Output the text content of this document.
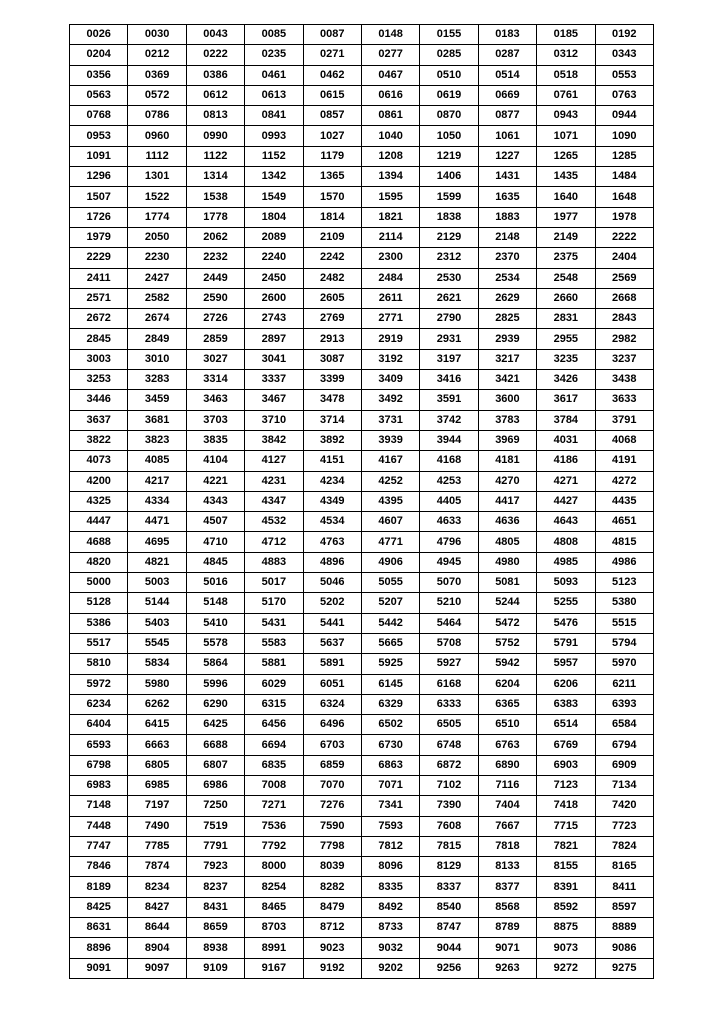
0026	0030	0043	0085	0087	0148	0155	0183	0185	0192
0204	0212	0222	0235	0271	0277	0285	0287	0312	0343
0356	0369	0386	0461	0462	0467	0510	0514	0518	0553
0563	0572	0612	0613	0615	0616	0619	0669	0761	0763
0768	0786	0813	0841	0857	0861	0870	0877	0943	0944
0953	0960	0990	0993	1027	1040	1050	1061	1071	1090
1091	1112	1122	1152	1179	1208	1219	1227	1265	1285
1296	1301	1314	1342	1365	1394	1406	1431	1435	1484
1507	1522	1538	1549	1570	1595	1599	1635	1640	1648
1726	1774	1778	1804	1814	1821	1838	1883	1977	1978
1979	2050	2062	2089	2109	2114	2129	2148	2149	2222
2229	2230	2232	2240	2242	2300	2312	2370	2375	2404
2411	2427	2449	2450	2482	2484	2530	2534	2548	2569
2571	2582	2590	2600	2605	2611	2621	2629	2660	2668
2672	2674	2726	2743	2769	2771	2790	2825	2831	2843
2845	2849	2859	2897	2913	2919	2931	2939	2955	2982
3003	3010	3027	3041	3087	3192	3197	3217	3235	3237
3253	3283	3314	3337	3399	3409	3416	3421	3426	3438
3446	3459	3463	3467	3478	3492	3591	3600	3617	3633
3637	3681	3703	3710	3714	3731	3742	3783	3784	3791
3822	3823	3835	3842	3892	3939	3944	3969	4031	4068
4073	4085	4104	4127	4151	4167	4168	4181	4186	4191
4200	4217	4221	4231	4234	4252	4253	4270	4271	4272
4325	4334	4343	4347	4349	4395	4405	4417	4427	4435
4447	4471	4507	4532	4534	4607	4633	4636	4643	4651
4688	4695	4710	4712	4763	4771	4796	4805	4808	4815
4820	4821	4845	4883	4896	4906	4945	4980	4985	4986
5000	5003	5016	5017	5046	5055	5070	5081	5093	5123
5128	5144	5148	5170	5202	5207	5210	5244	5255	5380
5386	5403	5410	5431	5441	5442	5464	5472	5476	5515
5517	5545	5578	5583	5637	5665	5708	5752	5791	5794
5810	5834	5864	5881	5891	5925	5927	5942	5957	5970
5972	5980	5996	6029	6051	6145	6168	6204	6206	6211
6234	6262	6290	6315	6324	6329	6333	6365	6383	6393
6404	6415	6425	6456	6496	6502	6505	6510	6514	6584
6593	6663	6688	6694	6703	6730	6748	6763	6769	6794
6798	6805	6807	6835	6859	6863	6872	6890	6903	6909
6983	6985	6986	7008	7070	7071	7102	7116	7123	7134
7148	7197	7250	7271	7276	7341	7390	7404	7418	7420
7448	7490	7519	7536	7590	7593	7608	7667	7715	7723
7747	7785	7791	7792	7798	7812	7815	7818	7821	7824
7846	7874	7923	8000	8039	8096	8129	8133	8155	8165
8189	8234	8237	8254	8282	8335	8337	8377	8391	8411
8425	8427	8431	8465	8479	8492	8540	8568	8592	8597
8631	8644	8659	8703	8712	8733	8747	8789	8875	8889
8896	8904	8938	8991	9023	9032	9044	9071	9073	9086
9091	9097	9109	9167	9192	9202	9256	9263	9272	9275
